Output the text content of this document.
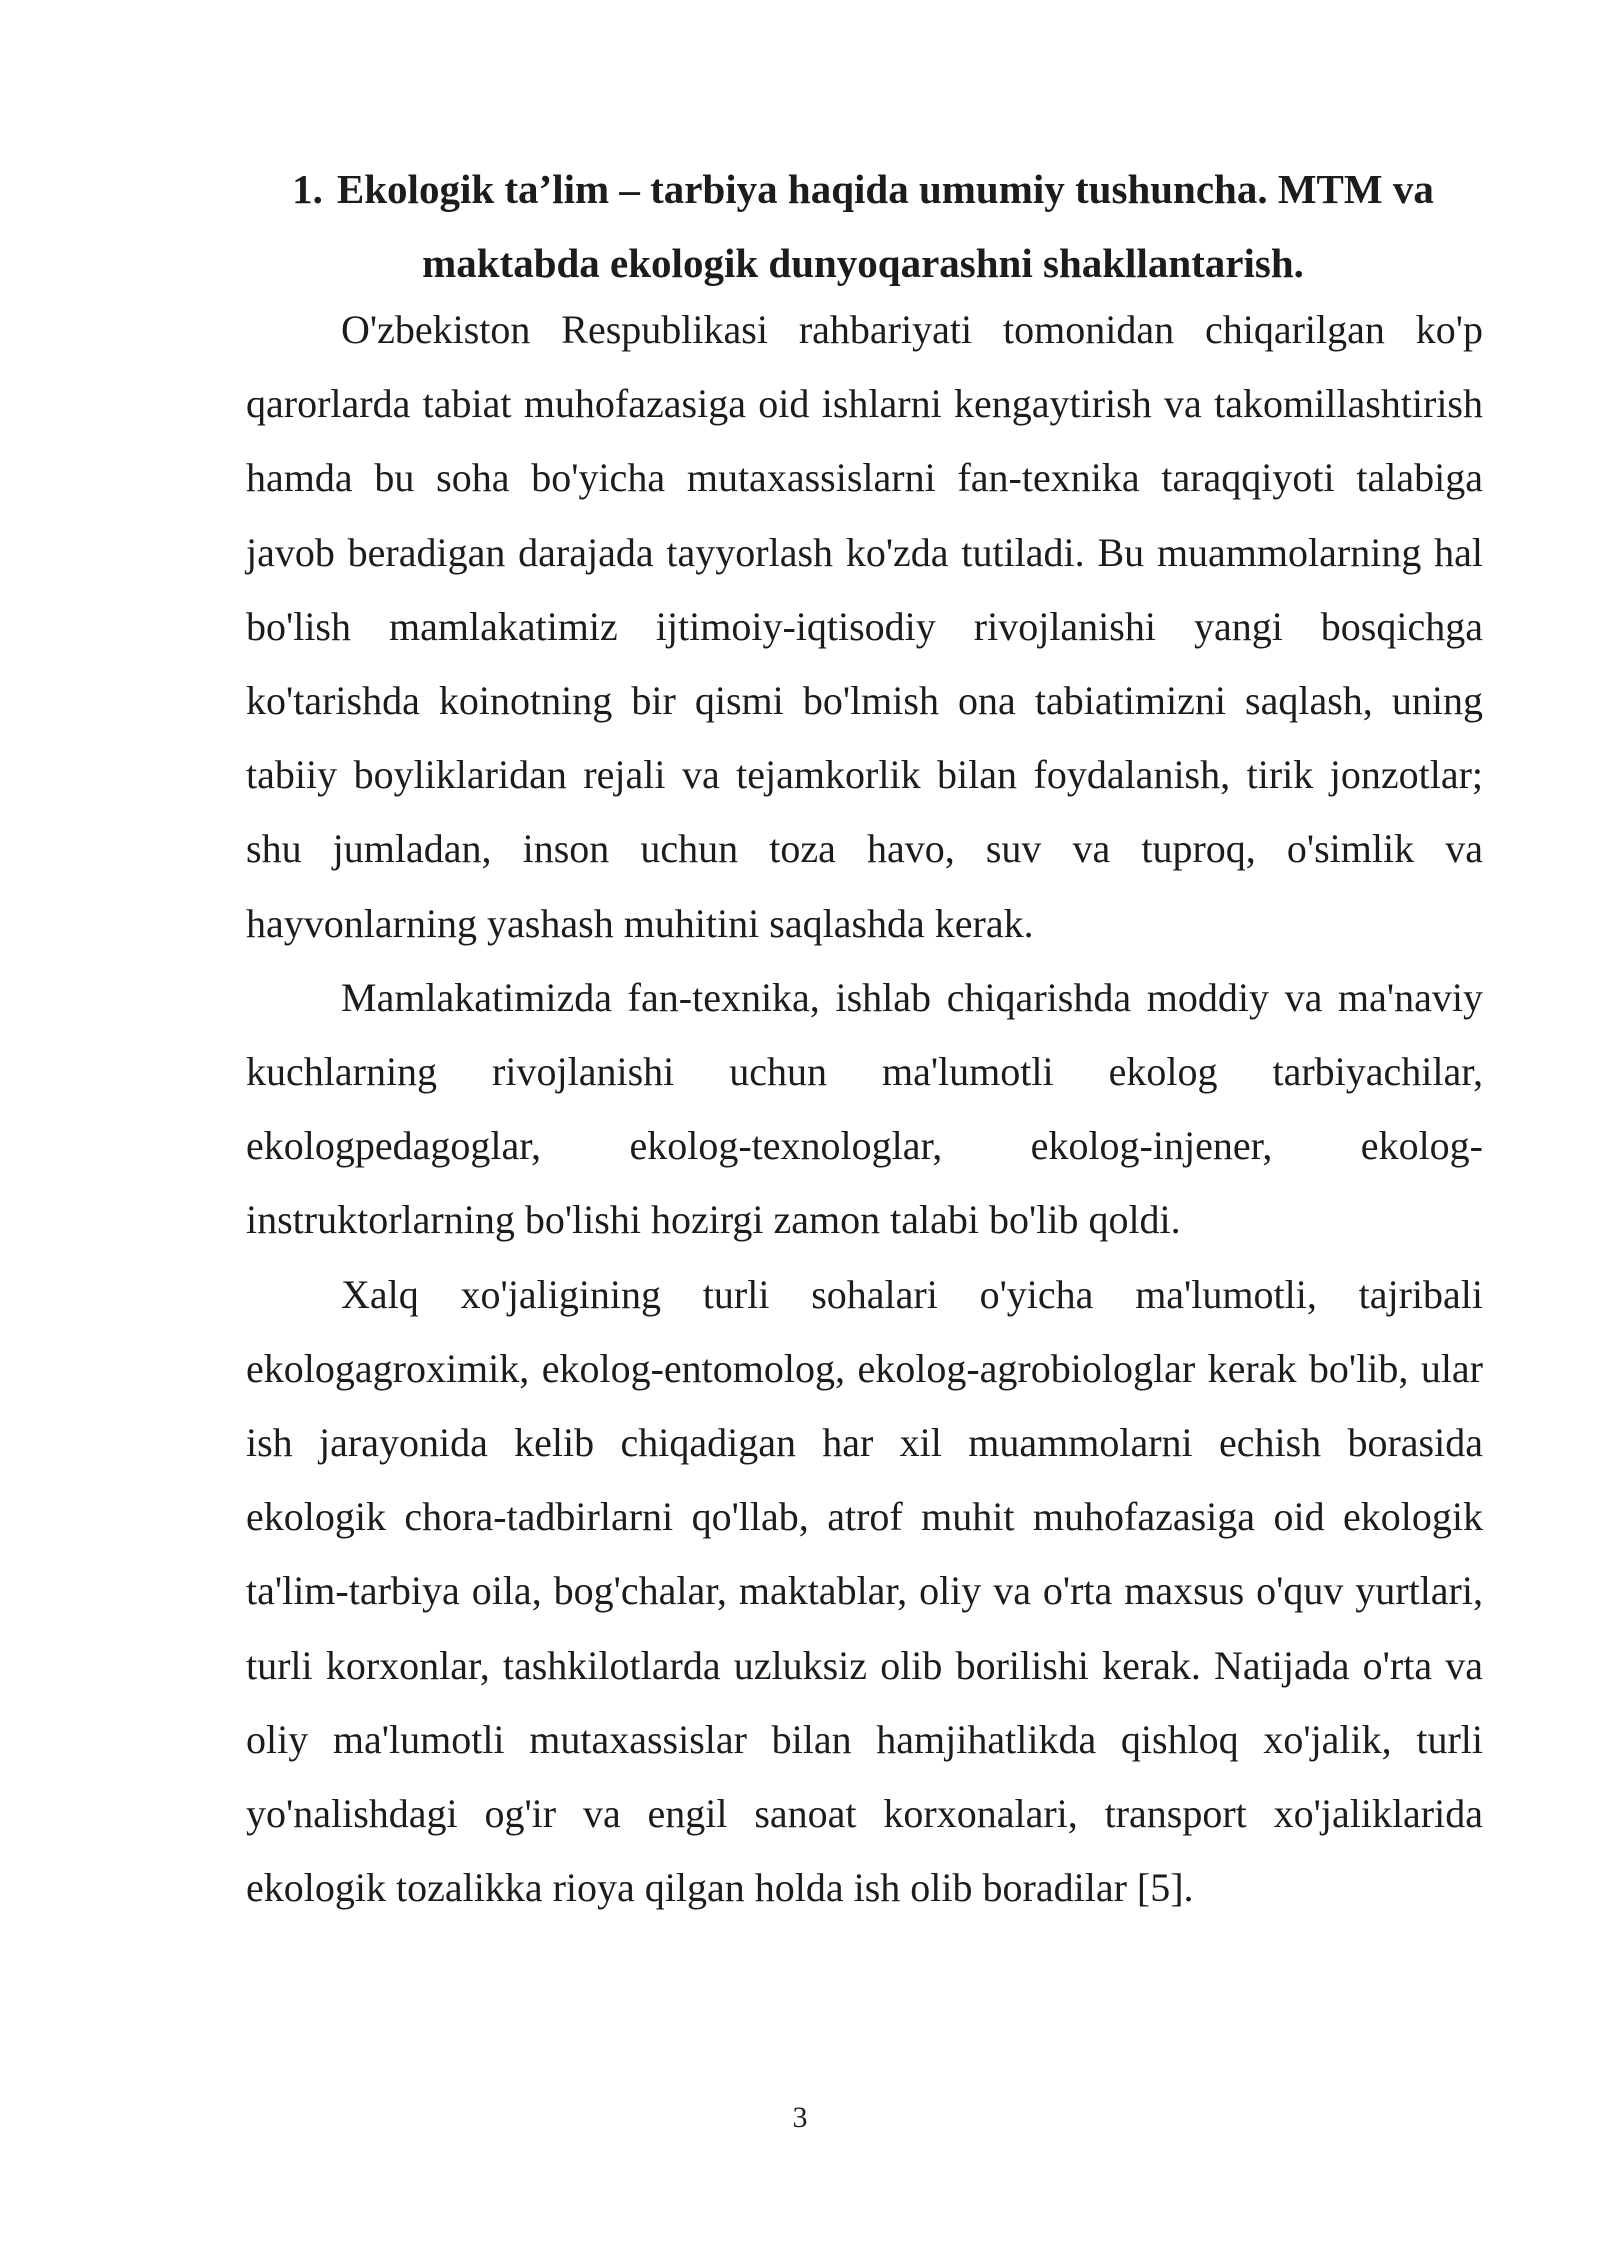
1. Ekologik ta’lim – tarbiya haqida umumiy tushuncha. MTM va maktabda ekologik dunyoqarashni shakllantarish.

O'zbekiston Respublikasi rahbariyati tomonidan chiqarilgan ko'p qarorlarda tabiat muhofazasiga oid ishlarni kengaytirish va takomillashtirish hamda bu soha bo'yicha mutaxassislarni fan-texnika taraqqiyoti talabiga javob beradigan darajada tayyorlash ko'zda tutiladi. Bu muammolarning hal bo'lish mamlakatimiz ijtimoiy-iqtisodiy rivojlanishi yangi bosqichga ko'tarishda koinotning bir qismi bo'lmish ona tabiatimizni saqlash, uning tabiiy boyliklaridan rejali va tejamkorlik bilan foydalanish, tirik jonzotlar; shu jumladan, inson uchun toza havo, suv va tuproq, o'simlik va hayvonlarning yashash muhitini saqlashda kerak.

Mamlakatimizda fan-texnika, ishlab chiqarishda moddiy va ma'naviy kuchlarning rivojlanishi uchun ma'lumotli ekolog tarbiyachilar, ekologpedagoglar, ekolog-texnologlar, ekolog-injener, ekolog-instruktorlarning bo'lishi hozirgi zamon talabi bo'lib qoldi.

Xalq xo'jaligining turli sohalari o'yicha ma'lumotli, tajribali ekologagroximik, ekolog-entomolog, ekolog-agrobiologlar kerak bo'lib, ular ish jarayonida kelib chiqadigan har xil muammolarni echish borasida ekologik chora-tadbirlarni qo'llab, atrof muhit muhofazasiga oid ekologik ta'lim-tarbiya oila, bog'chalar, maktablar, oliy va o'rta maxsus o'quv yurtlari, turli korxonlar, tashkilotlarda uzluksiz olib borilishi kerak. Natijada o'rta va oliy ma'lumotli mutaxassislar bilan hamjihatlikda qishloq xo'jalik, turli yo'nalishdagi og'ir va engil sanoat korxonalari, transport xo'jaliklarida ekologik tozalikka rioya qilgan holda ish olib boradilar [5].

3
